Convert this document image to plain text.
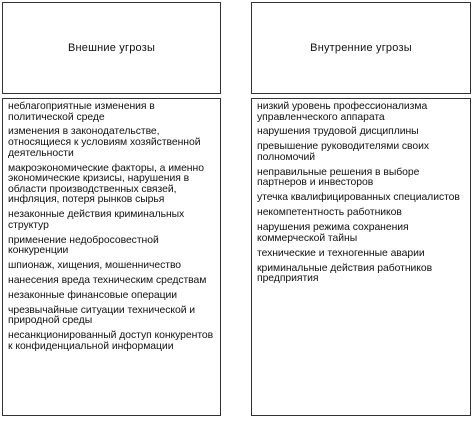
Внешние угрозы
неблагоприятные изменения в политической среде
изменения в законодательстве, относящиеся к условиям хозяйственной деятельности
макроэкономические факторы, а именно экономические кризисы, нарушения в области производственных связей, инфляция, потеря рынков сырья
незаконные действия криминальных структур
применение недобросовестной конкуренции
шпионаж, хищения, мошенничество
нанесения вреда техническим средствам
незаконные финансовые операции
чрезвычайные ситуации технической и природной среды
несанкционированный доступ конкурентов к конфиденциальной информации
Внутренние угрозы
низкий уровень профессионализма управленческого аппарата
нарушения трудовой дисциплины
превышение руководителями своих полномочий
неправильные решения в выборе партнеров и инвесторов
утечка квалифицированных специалистов
некомпетентность работников
нарушения режима сохранения коммерческой тайны
технические и техногенные аварии
криминальные действия работников предприятия
